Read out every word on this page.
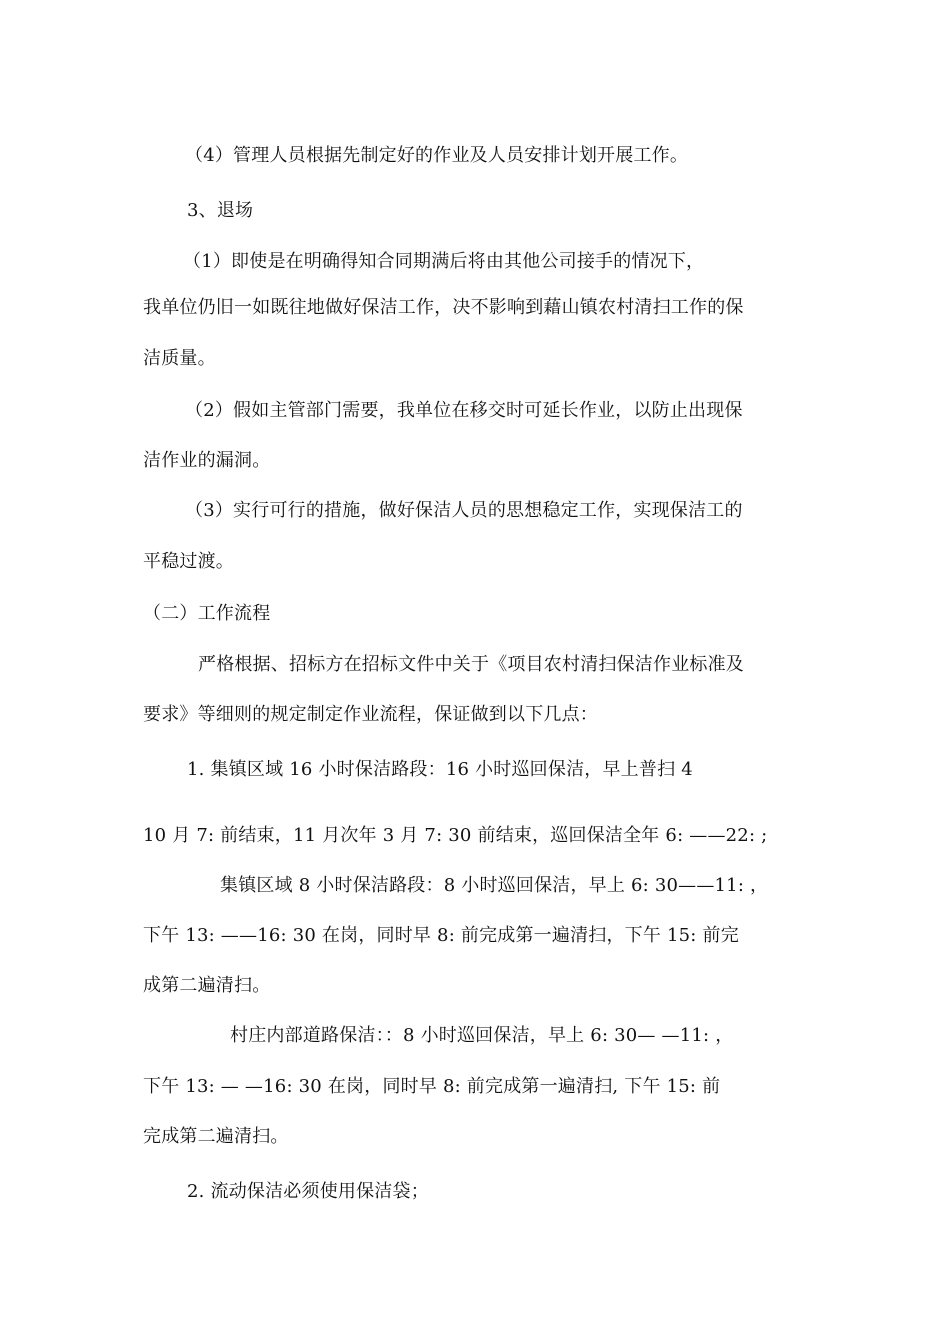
（4）管理人员根据先制定好的作业及人员安排计划开展工作。
3、退场
（1）即使是在明确得知合同期满后将由其他公司接手的情况下，
我单位仍旧一如既往地做好保洁工作，决不影响到藉山镇农村清扫工作的保
洁质量。
（2）假如主管部门需要，我单位在移交时可延长作业，以防止出现保
洁作业的漏洞。
（3）实行可行的措施，做好保洁人员的思想稳定工作，实现保洁工的
平稳过渡。
（二）工作流程
严格根据、招标方在招标文件中关于《项目农村清扫保洁作业标准及
要求》等细则的规定制定作业流程，保证做到以下几点：
1. 集镇区域 16 小时保洁路段：16 小时巡回保洁，早上普扫 4
10 月 7: 前结束，11 月次年 3 月 7: 30 前结束，巡回保洁全年 6: ——22: ;
集镇区域 8 小时保洁路段：8 小时巡回保洁，早上 6: 30——11: ，
下午 13: ——16: 30 在岗，同时早 8: 前完成第一遍清扫，下午 15: 前完
成第二遍清扫。
村庄内部道路保洁：：8 小时巡回保洁，早上 6: 30— —11: ，
下午 13: — —16: 30 在岗，同时早 8: 前完成第一遍清扫, 下午 15: 前
完成第二遍清扫。
2. 流动保洁必须使用保洁袋；
